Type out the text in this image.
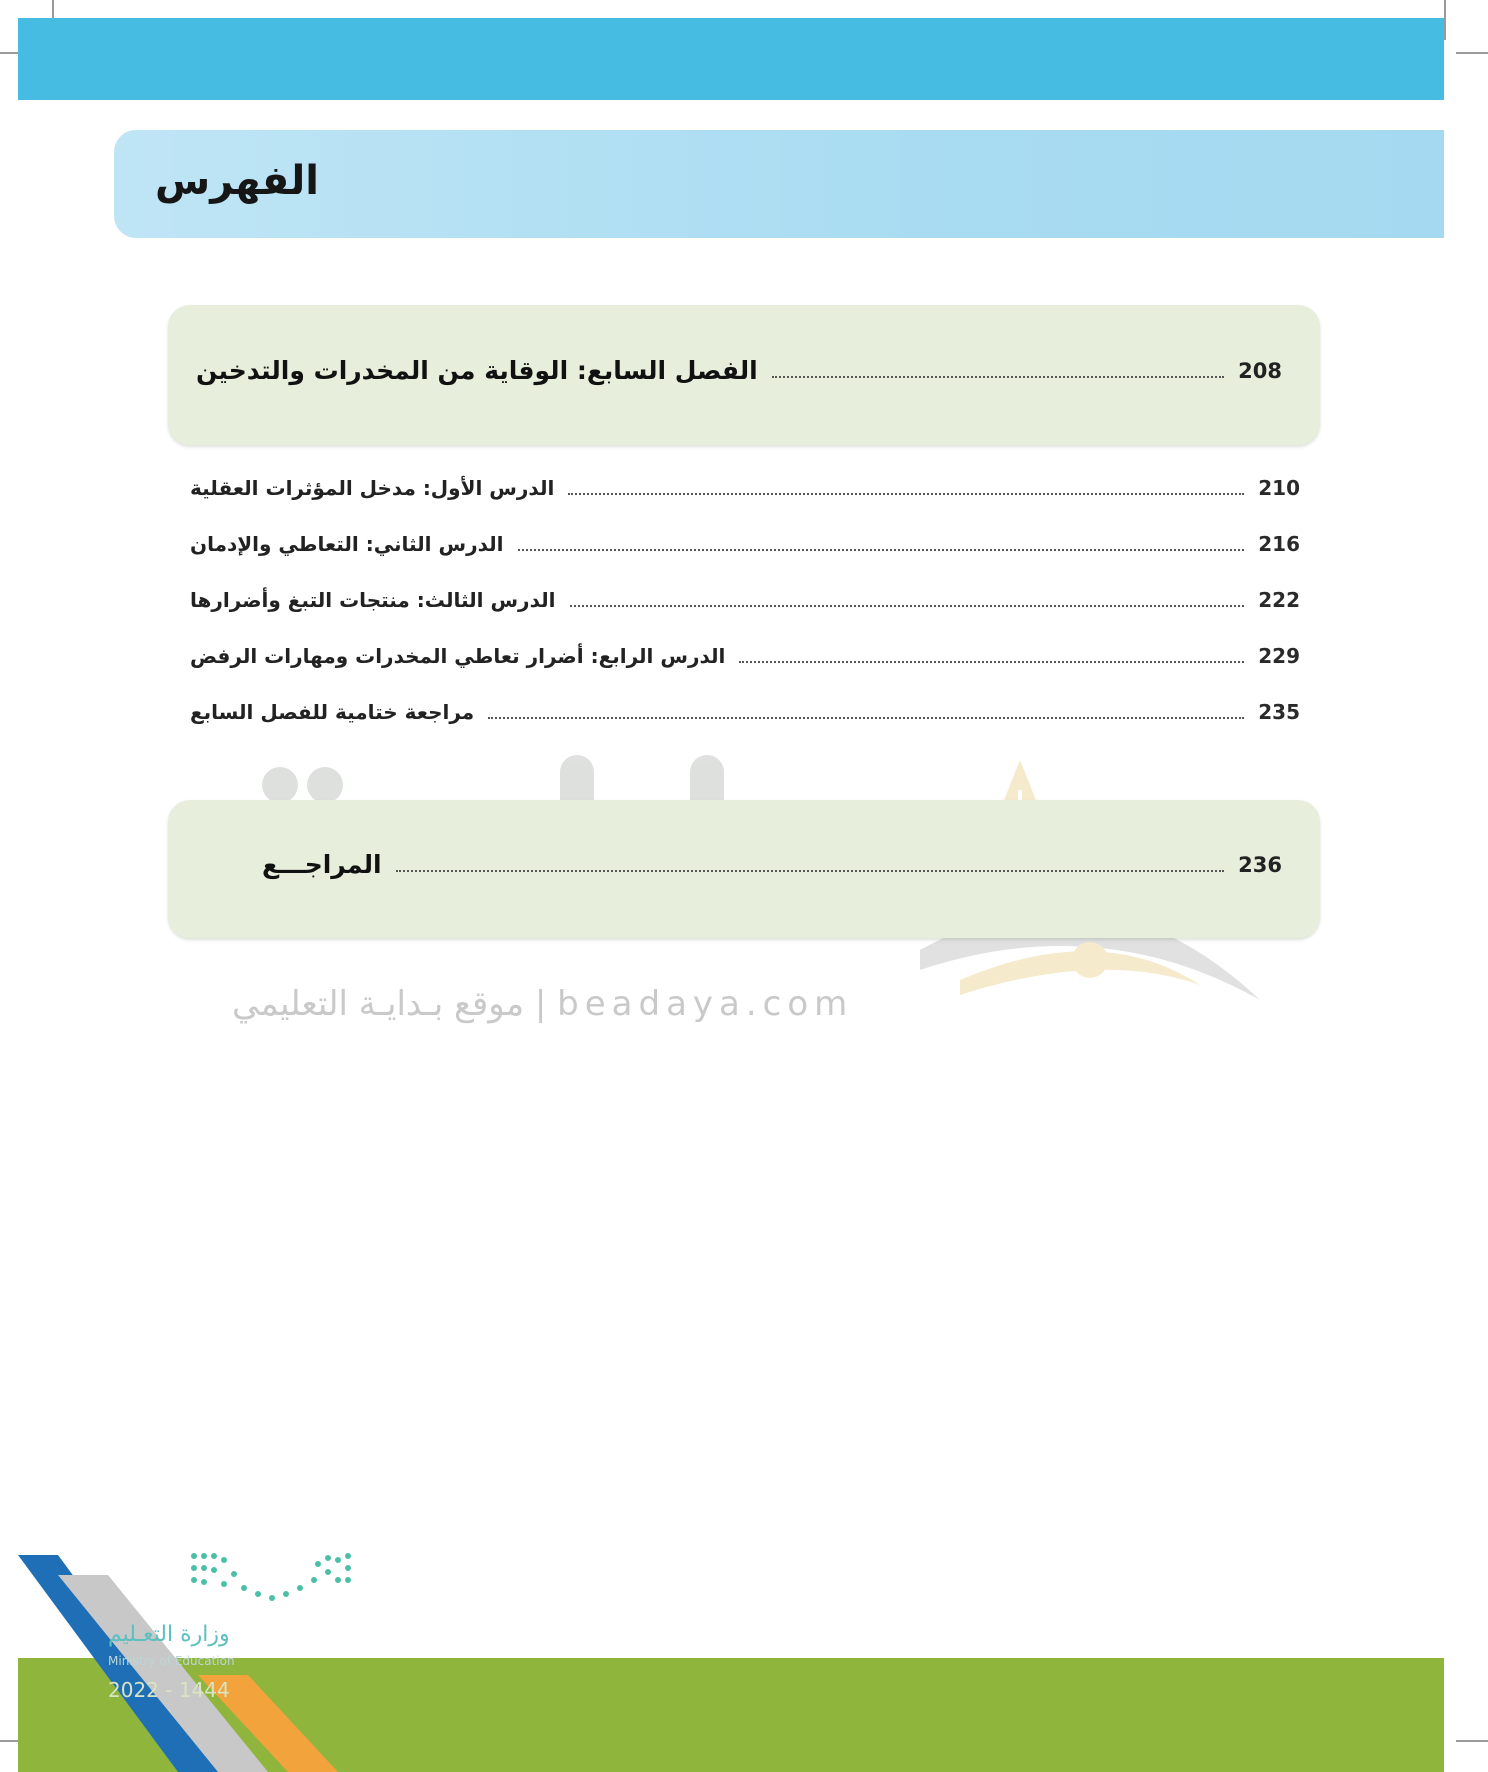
الفهرس
الفصل السابع: الوقاية من المخدرات والتدخين	208
الدرس الأول: مدخل المؤثرات العقلية	210
الدرس الثاني: التعاطي والإدمان	216
الدرس الثالث: منتجات التبغ وأضرارها	222
الدرس الرابع: أضرار تعاطي المخدرات ومهارات الرفض	229
مراجعة ختامية للفصل السابع	235
موقع بـدايـة التعليمي | beadaya.com
المراجـــع	236
وزارة التعـليم
Ministry of Education
2022 - 1444
